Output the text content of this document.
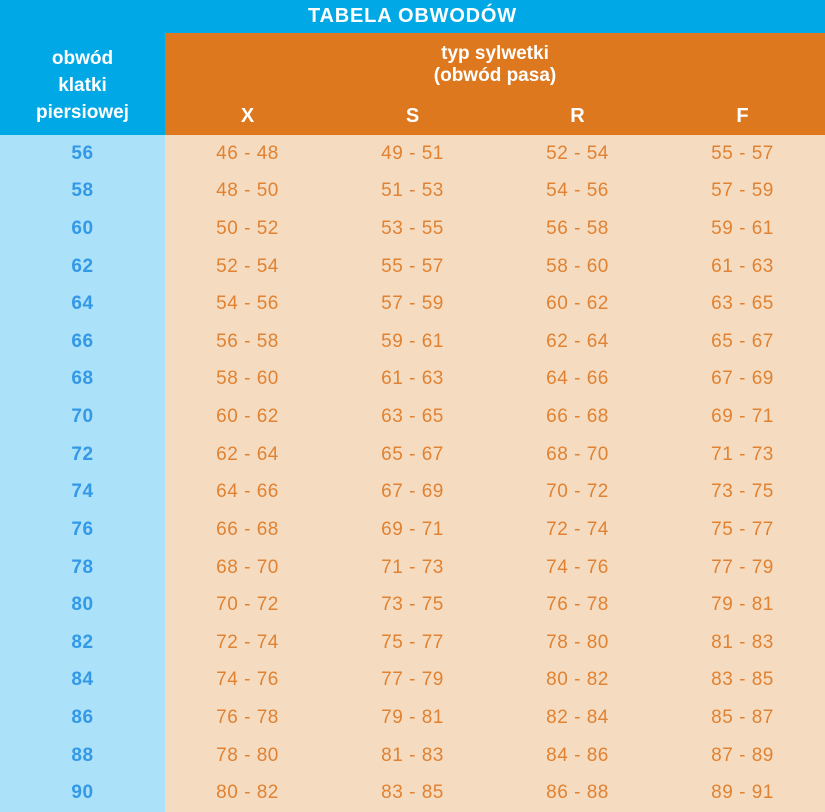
TABELA OBWODÓW
obwód
klatki
piersiowej
typ sylwetki
(obwód pasa)
X	S	R	F
56	46 - 48	49 - 51	52 - 54	55 - 57
58	48 - 50	51 - 53	54 - 56	57 - 59
60	50 - 52	53 - 55	56 - 58	59 - 61
62	52 - 54	55 - 57	58 - 60	61 - 63
64	54 - 56	57 - 59	60 - 62	63 - 65
66	56 - 58	59 - 61	62 - 64	65 - 67
68	58 - 60	61 - 63	64 - 66	67 - 69
70	60 - 62	63 - 65	66 - 68	69 - 71
72	62 - 64	65 - 67	68 - 70	71 - 73
74	64 - 66	67 - 69	70 - 72	73 - 75
76	66 - 68	69 - 71	72 - 74	75 - 77
78	68 - 70	71 - 73	74 - 76	77 - 79
80	70 - 72	73 - 75	76 - 78	79 - 81
82	72 - 74	75 - 77	78 - 80	81 - 83
84	74 - 76	77 - 79	80 - 82	83 - 85
86	76 - 78	79 - 81	82 - 84	85 - 87
88	78 - 80	81 - 83	84 - 86	87 - 89
90	80 - 82	83 - 85	86 - 88	89 - 91
